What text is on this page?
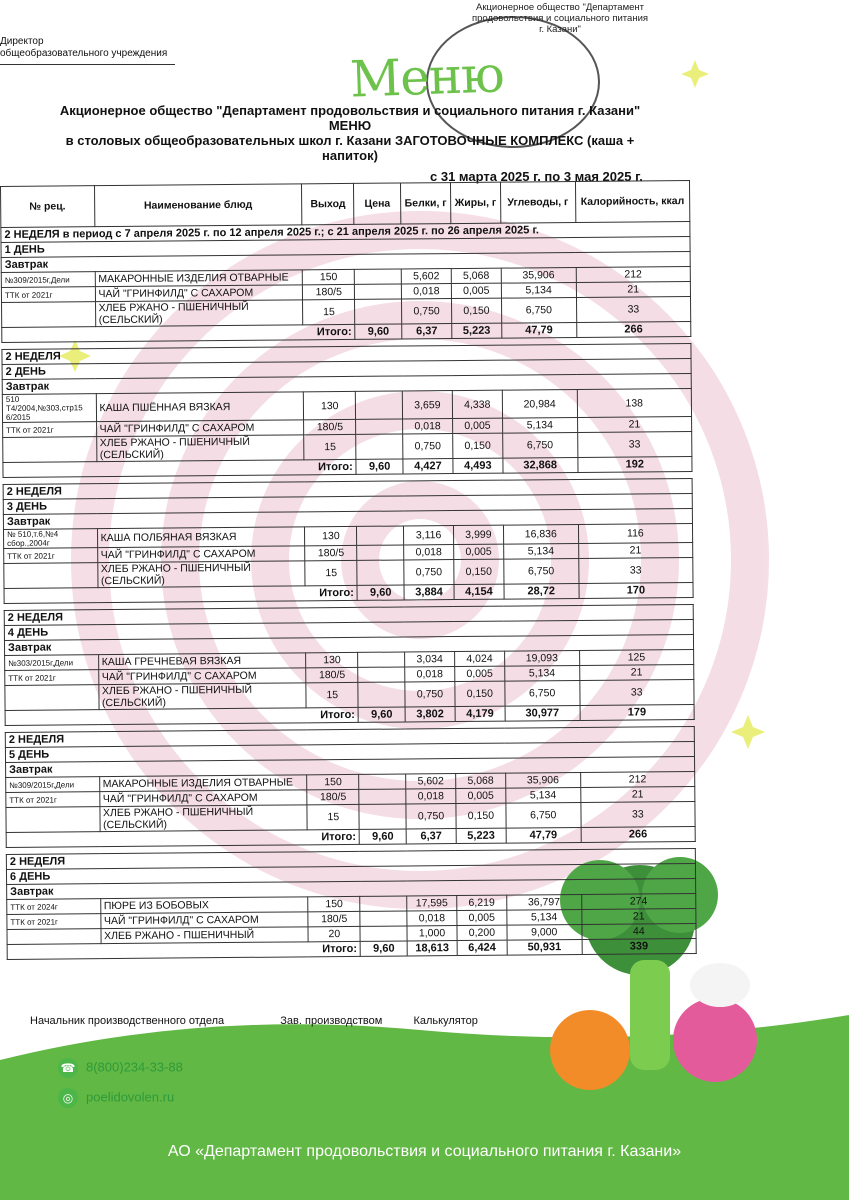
Директор
общеобразовательного учреждения
Акционерное общество "Департамент продовольствия и социального питания г. Казани"
Меню
Акционерное общество "Департамент продовольствия и социального питания г. Казани"
МЕНЮ
в столовых общеобразовательных школ г. Казани ЗАГОТОВОЧНЫЕ КОМПЛЕКС (каша +
напиток)
с 31 марта 2025 г. по 3 мая 2025 г.
№ рец.	Наименование блюд	Выход	Цена	Белки, г	Жиры, г	Углеводы, г	Калорийность, ккал
2 НЕДЕЛЯ в период с 7 апреля 2025 г. по 12 апреля 2025 г.; с 21 апреля 2025 г. по 26 апреля 2025 г.							
1 ДЕНЬ							
Завтрак							
№309/2015г,Дели	МАКАРОННЫЕ ИЗДЕЛИЯ ОТВАРНЫЕ	150		5,602	5,068	35,906	212
ТТК от 2021г	ЧАЙ "ГРИНФИЛД" С САХАРОМ	180/5		0,018	0,005	5,134	21
	ХЛЕБ РЖАНО - ПШЕНИЧНЫЙ (СЕЛЬСКИЙ)	15		0,750	0,150	6,750	33
Итого:			9,60	6,37	5,223	47,79	266

2 НЕДЕЛЯ							
2 ДЕНЬ							
Завтрак							
510 Т4/2004,№303,стр15 6/2015	КАША ПШЁННАЯ ВЯЗКАЯ	130		3,659	4,338	20,984	138
ТТК от 2021г	ЧАЙ "ГРИНФИЛД" С САХАРОМ	180/5		0,018	0,005	5,134	21
	ХЛЕБ РЖАНО - ПШЕНИЧНЫЙ (СЕЛЬСКИЙ)	15		0,750	0,150	6,750	33
Итого:			9,60	4,427	4,493	32,868	192

2 НЕДЕЛЯ							
3 ДЕНЬ							
Завтрак							
№ 510,т.6,№4 сбор.,2004г	КАША ПОЛБЯНАЯ ВЯЗКАЯ	130		3,116	3,999	16,836	116
ТТК от 2021г	ЧАЙ "ГРИНФИЛД" С САХАРОМ	180/5		0,018	0,005	5,134	21
	ХЛЕБ РЖАНО - ПШЕНИЧНЫЙ (СЕЛЬСКИЙ)	15		0,750	0,150	6,750	33
Итого:			9,60	3,884	4,154	28,72	170

2 НЕДЕЛЯ							
4 ДЕНЬ							
Завтрак							
№303/2015г,Дели	КАША ГРЕЧНЕВАЯ ВЯЗКАЯ	130		3,034	4,024	19,093	125
ТТК от 2021г	ЧАЙ "ГРИНФИЛД" С САХАРОМ	180/5		0,018	0,005	5,134	21
	ХЛЕБ РЖАНО - ПШЕНИЧНЫЙ (СЕЛЬСКИЙ)	15		0,750	0,150	6,750	33
Итого:			9,60	3,802	4,179	30,977	179

2 НЕДЕЛЯ							
5 ДЕНЬ							
Завтрак							
№309/2015г,Дели	МАКАРОННЫЕ ИЗДЕЛИЯ ОТВАРНЫЕ	150		5,602	5,068	35,906	212
ТТК от 2021г	ЧАЙ "ГРИНФИЛД" С САХАРОМ	180/5		0,018	0,005	5,134	21
	ХЛЕБ РЖАНО - ПШЕНИЧНЫЙ (СЕЛЬСКИЙ)	15		0,750	0,150	6,750	33
Итого:			9,60	6,37	5,223	47,79	266

2 НЕДЕЛЯ							
6 ДЕНЬ							
Завтрак							
ТТК от 2024г	ПЮРЕ ИЗ БОБОВЫХ	150		17,595	6,219	36,797	274
ТТК от 2021г	ЧАЙ "ГРИНФИЛД" С САХАРОМ	180/5		0,018	0,005	5,134	21
	ХЛЕБ РЖАНО - ПШЕНИЧНЫЙ	20		1,000	0,200	9,000	44
Итого:			9,60	18,613	6,424	50,931	339
Начальник производственного отдела	Зав. производством	Калькулятор
☎ 8(800)234-33-88
◎ poelidovolen.ru
АО «Департамент продовольствия и социального питания г. Казани»
